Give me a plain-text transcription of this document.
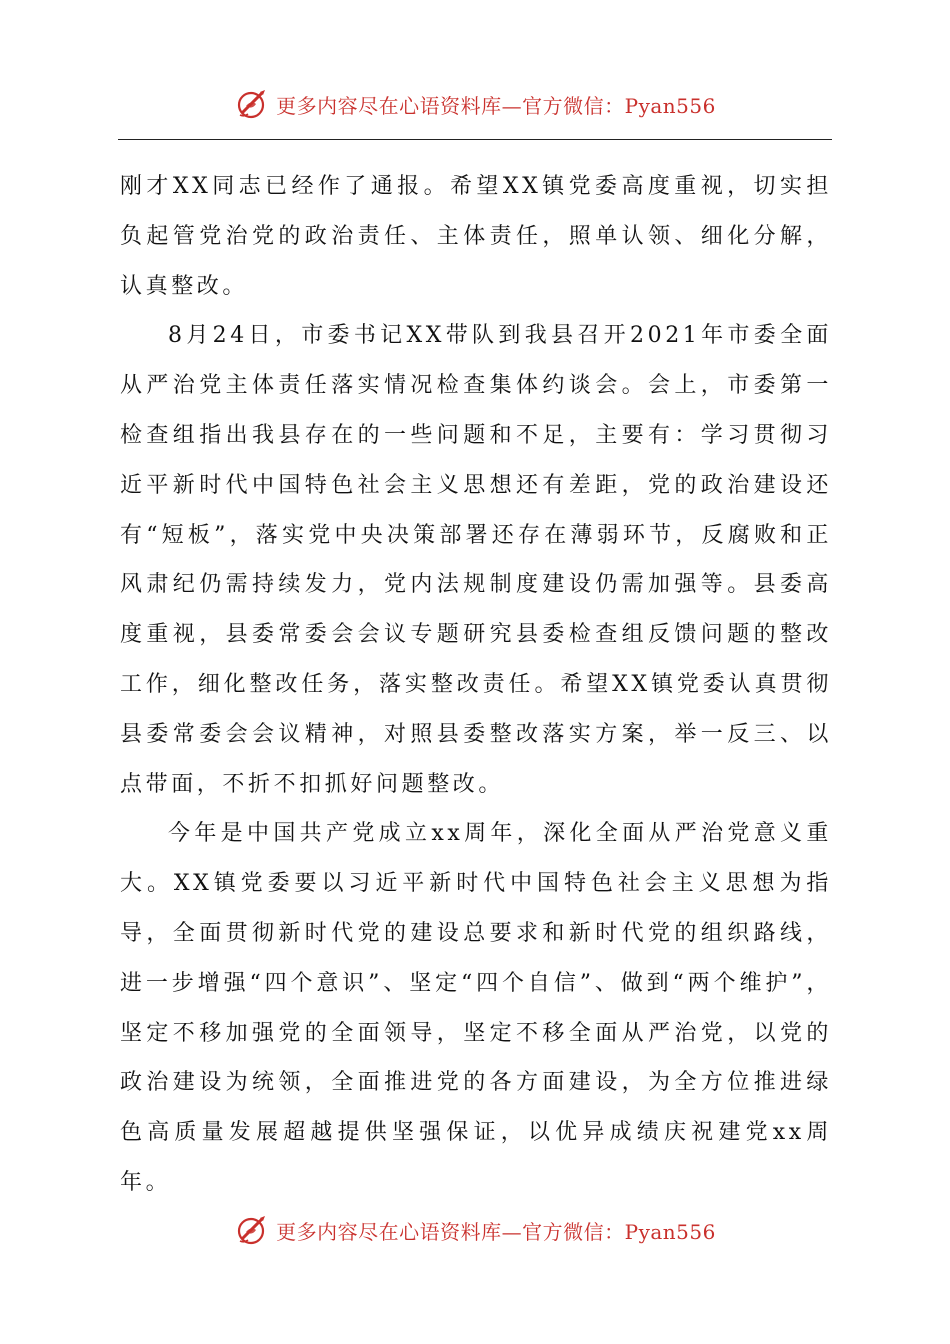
更多内容尽在心语资料库—官方微信：Pyan556

刚才XX同志已经作了通报。希望XX镇党委高度重视，切实担负起管党治党的政治责任、主体责任，照单认领、细化分解，认真整改。

8月24日，市委书记XX带队到我县召开2021年市委全面从严治党主体责任落实情况检查集体约谈会。会上，市委第一检查组指出我县存在的一些问题和不足，主要有：学习贯彻习近平新时代中国特色社会主义思想还有差距，党的政治建设还有“短板”，落实党中央决策部署还存在薄弱环节，反腐败和正风肃纪仍需持续发力，党内法规制度建设仍需加强等。县委高度重视，县委常委会会议专题研究县委检查组反馈问题的整改工作，细化整改任务，落实整改责任。希望XX镇党委认真贯彻县委常委会会议精神，对照县委整改落实方案，举一反三、以点带面，不折不扣抓好问题整改。

今年是中国共产党成立xx周年，深化全面从严治党意义重大。XX镇党委要以习近平新时代中国特色社会主义思想为指导，全面贯彻新时代党的建设总要求和新时代党的组织路线，进一步增强“四个意识”、坚定“四个自信”、做到“两个维护”，坚定不移加强党的全面领导，坚定不移全面从严治党，以党的政治建设为统领，全面推进党的各方面建设，为全方位推进绿色高质量发展超越提供坚强保证，以优异成绩庆祝建党xx周年。

更多内容尽在心语资料库—官方微信：Pyan556
